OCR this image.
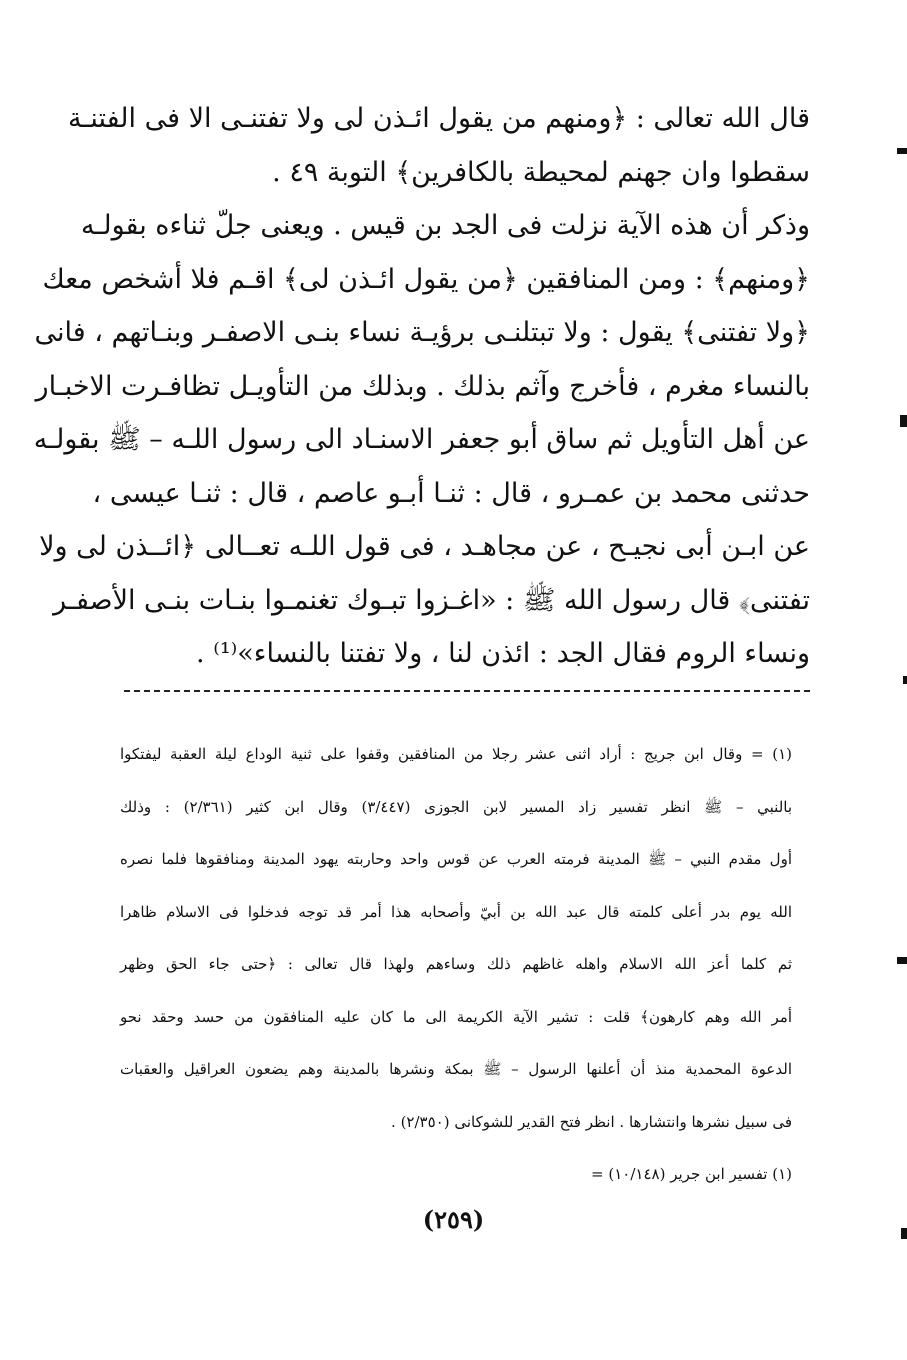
قال الله تعالى : ﴿ومنهم من يقول ائـذن لى ولا تفتنـى الا فى الفتنـة
سقطوا وان جهنم لمحيطة بالكافرين﴾ التوبة ٤٩ .
وذكر أن هذه الآية نزلت فى الجد بن قيس . ويعنى جلّ ثناءه بقولـه
﴿ومنهم﴾ : ومن المنافقين ﴿من يقول ائـذن لى﴾ اقـم فلا أشخص معك
﴿ولا تفتنى﴾ يقول : ولا تبتلنـى برؤيـة نساء بنـى الاصفـر وبنـاتهم ، فانى
بالنساء مغرم ، فأخرج وآثم بذلك . وبذلك من التأويـل تظافـرت الاخبـار
عن أهل التأويل ثم ساق أبو جعفر الاسنـاد الى رسول اللـه – ﷺ بقولـه
حدثنى محمد بن عمـرو ، قال : ثنـا أبـو عاصم ، قال : ثنـا عيسى ،
عن ابـن أبى نجيـح ، عن مجاهـد ، فى قول اللـه تعــالى ﴿ائــذن لى ولا
تفتنى﴾ قال رسول الله ﷺ : «اغـزوا تبـوك تغنمـوا بنـات بنـى الأصفـر
ونساء الروم فقال الجد : ائذن لنا ، ولا تفتنا بالنساء»⁽¹⁾ .
(١) = وقال ابن جريج : أراد اثنى عشر رجلا من المنافقين وقفوا على ثنية الوداع ليلة العقبة ليفتكوا
بالنبي – ﷺ انظر تفسير زاد المسير لابن الجوزى (٣/٤٤٧) وقال ابن كثير (٢/٣٦١) : وذلك
أول مقدم النبي – ﷺ المدينة فرمته العرب عن قوس واحد وحاربته يهود المدينة ومنافقوها فلما نصره
الله يوم بدر أعلى كلمته قال عبد الله بن أبيّ وأصحابه هذا أمر قد توجه فدخلوا فى الاسلام ظاهرا
ثم كلما أعز الله الاسلام واهله غاظهم ذلك وساءهم ولهذا قال تعالى : ﴿حتى جاء الحق وظهر
أمر الله وهم كارهون﴾ قلت : تشير الآية الكريمة الى ما كان عليه المنافقون من حسد وحقد نحو
الدعوة المحمدية منذ أن أعلنها الرسول – ﷺ بمكة ونشرها بالمدينة وهم يضعون العراقيل والعقبات
فى سبيل نشرها وانتشارها . انظر فتح القدير للشوكانى (٢/٣٥٠) .
(١) تفسير ابن جرير (١٠/١٤٨) =
(٢٥٩)
